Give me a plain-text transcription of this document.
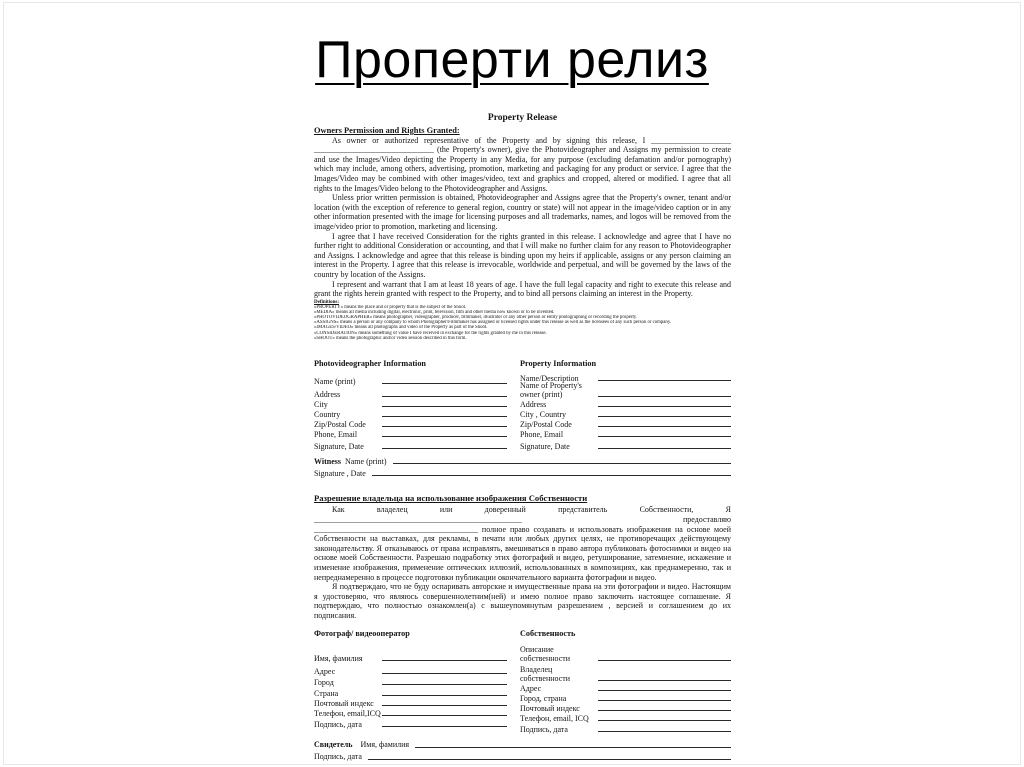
Проперти релиз
Property Release
Owners Permission and Rights Granted:

As owner or authorized representative of the Property and by signing this release, I ____________________ ______________________________ (the Property's owner), give the Photovideographer and Assigns my permission to create and use the Images/Video depicting the Property in any Media, for any purpose (excluding defamation and/or pornography) which may include, among others, advertising, promotion, marketing and packaging for any product or service. I agree that the Images/Video may be combined with other images/video, text and graphics and cropped, altered or modified. I agree that all rights to the Images/Video belong to the Photovideographer and Assigns.

Unless prior written permission is obtained, Photovideographer and Assigns agree that the Property's owner, tenant and/or location (with the exception of reference to general region, country or state) will not appear in the image/video caption or in any other information presented with the image for licensing purposes and all trademarks, names, and logos will be removed from the image/video prior to promotion, marketing and licensing.

I agree that I have received Consideration for the rights granted in this release. I acknowledge and agree that I have no further right to additional Consideration or accounting, and that I will make no further claim for any reason to Photovideographer and Assigns. I acknowledge and agree that this release is binding upon my heirs if applicable, assigns or any person claiming an interest in the Property. I agree that this release is irrevocable, worldwide and perpetual, and will be governed by the laws of the country by location of the Assigns.

I represent and warrant that I am at least 18 years of age. I have the full legal capacity and right to execute this release and grant the rights herein granted with respect to the Property, and to bind all persons claiming an interest in the Property.

Definitions:
«PROPERTY» means the place and or property that is the subject of the Shoot.
«MEDIA» means all media including digital, electronic, print, television, film and other media now known or to be invented.
«PHOTOVIDEOGRAPHER» means photographer, videographer, producer, filmmaker, illustrator or any other person or entity photographing or recording the property.
«ASSIGNS» means a person or any company to whom Photographer/Filmmaker has assigned or licensed rights under this release as well as the licensees of any such person or company.
«IMAGES/VIDEO» means all photographs and video of the Property as part of the Shoot.
«CONSIDERATION» means something of value I have received in exchange for the rights granted by me in this release.
«SHOOT» means the photographic and/or video session described in this form.
Photovideographer Information
Name (print)
Address
City
Country
Zip/Postal Code
Phone, Email
Signature, Date
Property Information
Name/Description
Name of Property's owner (print)
Address
City , Country
Zip/Postal Code
Phone, Email
Signature, Date
Witness Name (print)
Signature , Date
Разрешение владельца на использование изображения Собственности

Как владелец или доверенный представитель Собственности, Я ____________________________________________________ предоставляю _________________________________________ полное право создавать и использовать изображения на основе моей Собственности на выставках, для рекламы, в печати или любых других целях, не противоречащих действующему законодательству. Я отказываюсь от права исправлять, вмешиваться в право автора публиковать фотоснимки и видео на основе моей Собственности. Разрешаю подработку этих фотографий и видео, ретуширование, затемнение, искажение и изменение изображения, применение оптических иллюзий, использованных в композициях, как преднамеренно, так и непреднамеренно в процессе подготовки публикации окончательного варианта фотографии и видео.

Я подтверждаю, что не буду оспаривать авторские и имущественные права на эти фотографии и видео. Настоящим я удостоверяю, что являюсь совершеннолетним(ней) и имею полное право заключить настоящее соглашение. Я подтверждаю, что полностью ознакомлен(а) с вышеупомянутым разрешением , версией и соглашением до их подписания.

Фотограф/ видеооператор
Имя, фамилия
Адрес
Город
Страна
Почтовый индекс
Телефон, email,ICQ
Подпись, дата
Собственность
Описание собственности
Владелец собственности
Адрес
Город, страна
Почтовый индекс
Телефон, email, ICQ
Подпись, дата
Свидетель Имя, фамилия
Подпись, дата
